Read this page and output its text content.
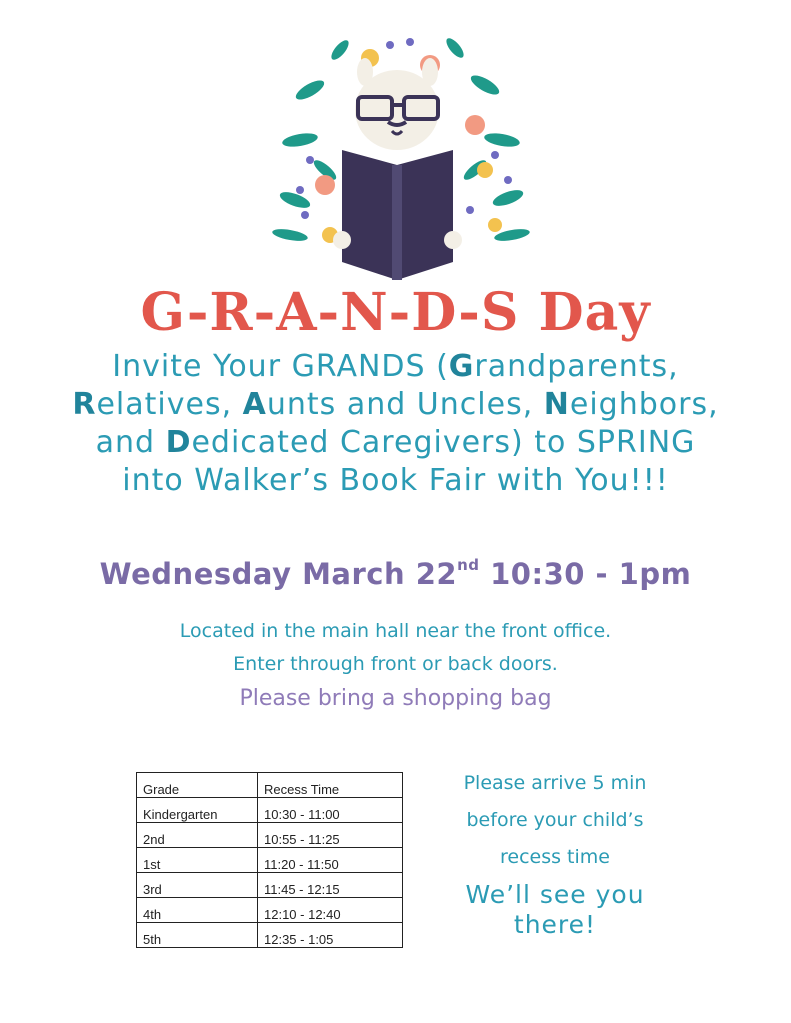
G-R-A-N-D-S Day
Invite Your GRANDS (Grandparents,
Relatives, Aunts and Uncles, Neighbors,
and Dedicated Caregivers) to SPRING
into Walker’s Book Fair with You!!!
Wednesday March 22nd 10:30 - 1pm
Located in the main hall near the front office.
Enter through front or back doors.
Please bring a shopping bag
Grade	Recess Time
Kindergarten	10:30 - 11:00
2nd	10:55 - 11:25
1st	11:20 - 11:50
3rd	11:45 - 12:15
4th	12:10 - 12:40
5th	12:35 - 1:05
Please arrive 5 min
before your child’s
recess time
We’ll see you
there!
